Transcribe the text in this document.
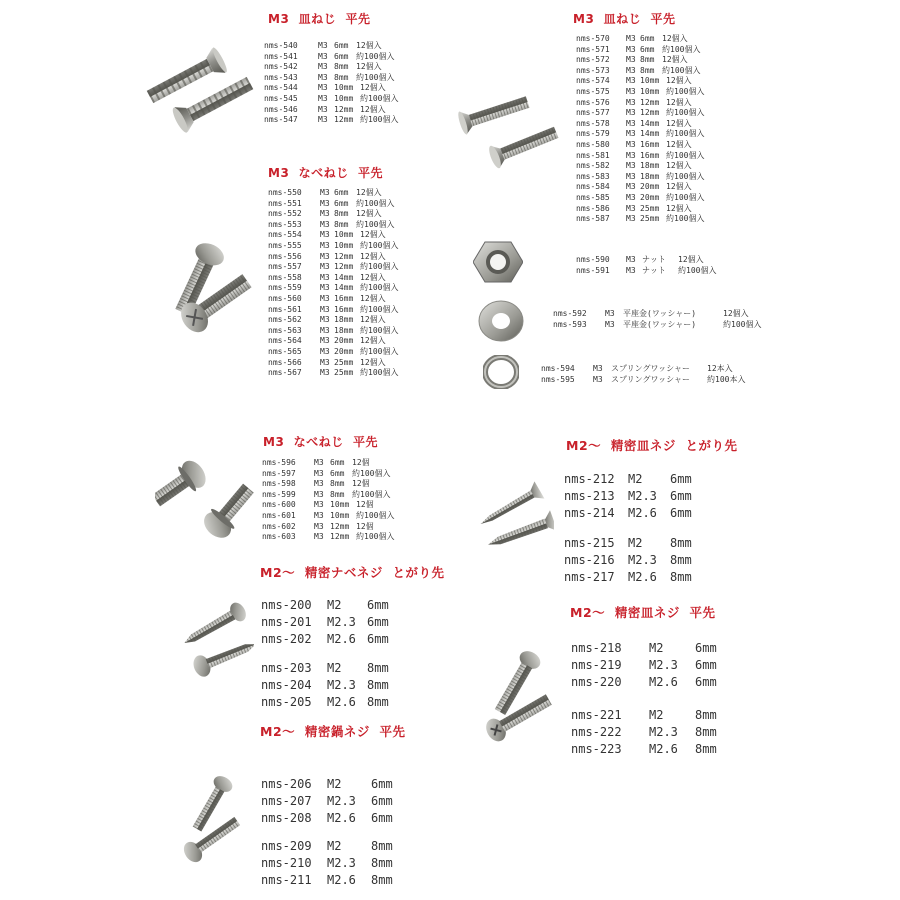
M3  皿ねじ  平先
nms-540	M3 6mm 12個入
nms-541	M3 6mm 約100個入
nms-542	M3 8mm 12個入
nms-543	M3 8mm 約100個入
nms-544	M3 10mm 12個入
nms-545	M3 10mm 約100個入
nms-546	M3 12mm 12個入
nms-547	M3 12mm 約100個入
M3  皿ねじ  平先
nms-570	M3 6mm 12個入
nms-571	M3 6mm 約100個入
nms-572	M3 8mm 12個入
nms-573	M3 8mm 約100個入
nms-574	M3 10mm 12個入
nms-575	M3 10mm 約100個入
nms-576	M3 12mm 12個入
nms-577	M3 12mm 約100個入
nms-578	M3 14mm 12個入
nms-579	M3 14mm 約100個入
nms-580	M3 16mm 12個入
nms-581	M3 16mm 約100個入
nms-582	M3 18mm 12個入
nms-583	M3 18mm 約100個入
nms-584	M3 20mm 12個入
nms-585	M3 20mm 約100個入
nms-586	M3 25mm 12個入
nms-587	M3 25mm 約100個入
M3  なべねじ  平先
nms-550	M3 6mm 12個入
nms-551	M3 6mm 約100個入
nms-552	M3 8mm 12個入
nms-553	M3 8mm 約100個入
nms-554	M3 10mm 12個入
nms-555	M3 10mm 約100個入
nms-556	M3 12mm 12個入
nms-557	M3 12mm 約100個入
nms-558	M3 14mm 12個入
nms-559	M3 14mm 約100個入
nms-560	M3 16mm 12個入
nms-561	M3 16mm 約100個入
nms-562	M3 18mm 12個入
nms-563	M3 18mm 約100個入
nms-564	M3 20mm 12個入
nms-565	M3 20mm 約100個入
nms-566	M3 25mm 12個入
nms-567	M3 25mm 約100個入
nms-590	M3 ナット	12個入
nms-591	M3 ナット	約100個入
nms-592	M3	平座金(ワッシャー)	12個入
nms-593	M3	平座金(ワッシャー)	約100個入
nms-594	M3	スプリングワッシャー	12本入
nms-595	M3	スプリングワッシャー	約100本入
M3  なべねじ  平先
nms-596	M3 6mm 12個
nms-597	M3 6mm 約100個入
nms-598	M3 8mm 12個
nms-599	M3 8mm 約100個入
nms-600	M3 10mm 12個
nms-601	M3 10mm 約100個入
nms-602	M3 12mm 12個
nms-603	M3 12mm 約100個入
M2～  精密ナベネジ  とがり先
nms-200	M2	6mm
nms-201	M2.3 6mm
nms-202	M2.6 6mm
nms-203	M2	8mm
nms-204	M2.3 8mm
nms-205	M2.6 8mm
M2～  精密鍋ネジ  平先
nms-206	M2	6mm
nms-207	M2.3	6mm
nms-208	M2.6	6mm
nms-209	M2	8mm
nms-210	M2.3	8mm
nms-211	M2.6	8mm
M2～  精密皿ネジ  とがり先
nms-212	M2	6mm
nms-213	M2.3	6mm
nms-214	M2.6	6mm
nms-215	M2	8mm
nms-216	M2.3	8mm
nms-217	M2.6	8mm
M2～  精密皿ネジ  平先
nms-218	M2	6mm
nms-219	M2.3	6mm
nms-220	M2.6	6mm
nms-221	M2	8mm
nms-222	M2.3	8mm
nms-223	M2.6	8mm
